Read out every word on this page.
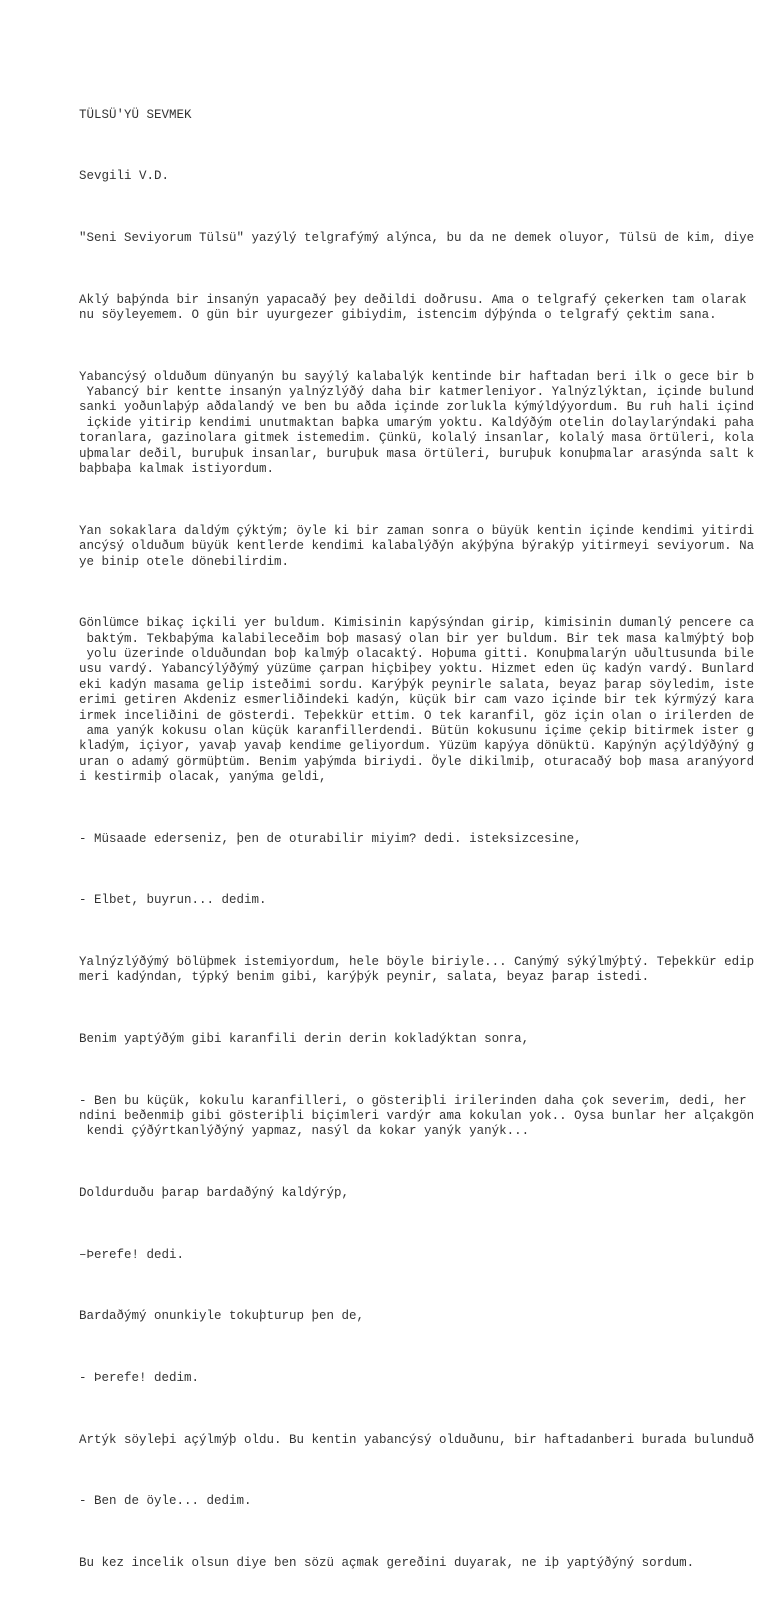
TÜLSÜ'YÜ SEVMEK

Sevgili V.D.

"Seni Seviyorum Tülsü" yazýlý telgrafýmý alýnca, bu da ne demek oluyor, Tülsü de kim, diye

Aklý baþýnda bir insanýn yapacaðý þey deðildi doðrusu. Ama o telgrafý çekerken tam olarak
nu söyleyemem. O gün bir uyurgezer gibiydim, istencim dýþýnda o telgrafý çektim sana.

Yabancýsý olduðum dünyanýn bu sayýlý kalabalýk kentinde bir haftadan beri ilk o gece bir b
Yabancý bir kentte insanýn yalnýzlýðý daha bir katmerleniyor. Yalnýzlýktan, içinde bulund
sanki yoðunlaþýp aðdalandý ve ben bu aðda içinde zorlukla kýmýldýyordum. Bu ruh hali içind
içkide yitirip kendimi unutmaktan baþka umarým yoktu. Kaldýðým otelin dolaylarýndaki paha
toranlara, gazinolara gitmek istemedim. Çünkü, kolalý insanlar, kolalý masa örtüleri, kola
uþmalar deðil, buruþuk insanlar, buruþuk masa örtüleri, buruþuk konuþmalar arasýnda salt k
baþbaþa kalmak istiyordum.

Yan sokaklara daldým çýktým; öyle ki bir zaman sonra o büyük kentin içinde kendimi yitirdi
ancýsý olduðum büyük kentlerde kendimi kalabalýðýn akýþýna býrakýp yitirmeyi seviyorum. Na
ye binip otele dönebilirdim.

Gönlümce bikaç içkili yer buldum. Kimisinin kapýsýndan girip, kimisinin dumanlý pencere ca
baktým. Tekbaþýma kalabileceðim boþ masasý olan bir yer buldum. Bir tek masa kalmýþtý boþ
yolu üzerinde olduðundan boþ kalmýþ olacaktý. Hoþuma gitti. Konuþmalarýn uðultusunda bile
usu vardý. Yabancýlýðýmý yüzüme çarpan hiçbiþey yoktu. Hizmet eden üç kadýn vardý. Bunlard
eki kadýn masama gelip isteðimi sordu. Karýþýk peynirle salata, beyaz þarap söyledim, iste
erimi getiren Akdeniz esmerliðindeki kadýn, küçük bir cam vazo içinde bir tek kýrmýzý kara
irmek inceliðini de gösterdi. Teþekkür ettim. O tek karanfil, göz için olan o irilerden de
ama yanýk kokusu olan küçük karanfillerdendi. Bütün kokusunu içime çekip bitirmek ister g
kladým, içiyor, yavaþ yavaþ kendime geliyordum. Yüzüm kapýya dönüktü. Kapýnýn açýldýðýný g
uran o adamý görmüþtüm. Benim yaþýmda biriydi. Öyle dikilmiþ, oturacaðý boþ masa aranýyord
i kestirmiþ olacak, yanýma geldi,

- Müsaade ederseniz, þen de oturabilir miyim? dedi. isteksizcesine,

- Elbet, buyrun... dedim.

Yalnýzlýðýmý bölüþmek istemiyordum, hele böyle biriyle... Canýmý sýkýlmýþtý. Teþekkür edip
meri kadýndan, týpký benim gibi, karýþýk peynir, salata, beyaz þarap istedi.

Benim yaptýðým gibi karanfili derin derin kokladýktan sonra,

- Ben bu küçük, kokulu karanfilleri, o gösteriþli irilerinden daha çok severim, dedi, her
ndini beðenmiþ gibi gösteriþli biçimleri vardýr ama kokulan yok.. Oysa bunlar her alçakgön
kendi çýðýrtkanlýðýný yapmaz, nasýl da kokar yanýk yanýk...

Doldurduðu þarap bardaðýný kaldýrýp,

–Þerefe! dedi.

Bardaðýmý onunkiyle tokuþturup þen de,

- Þerefe! dedim.

Artýk söyleþi açýlmýþ oldu. Bu kentin yabancýsý olduðunu, bir haftadanberi burada bulunduð

- Ben de öyle... dedim.

Bu kez incelik olsun diye ben sözü açmak gereðini duyarak, ne iþ yaptýðýný sordum.
